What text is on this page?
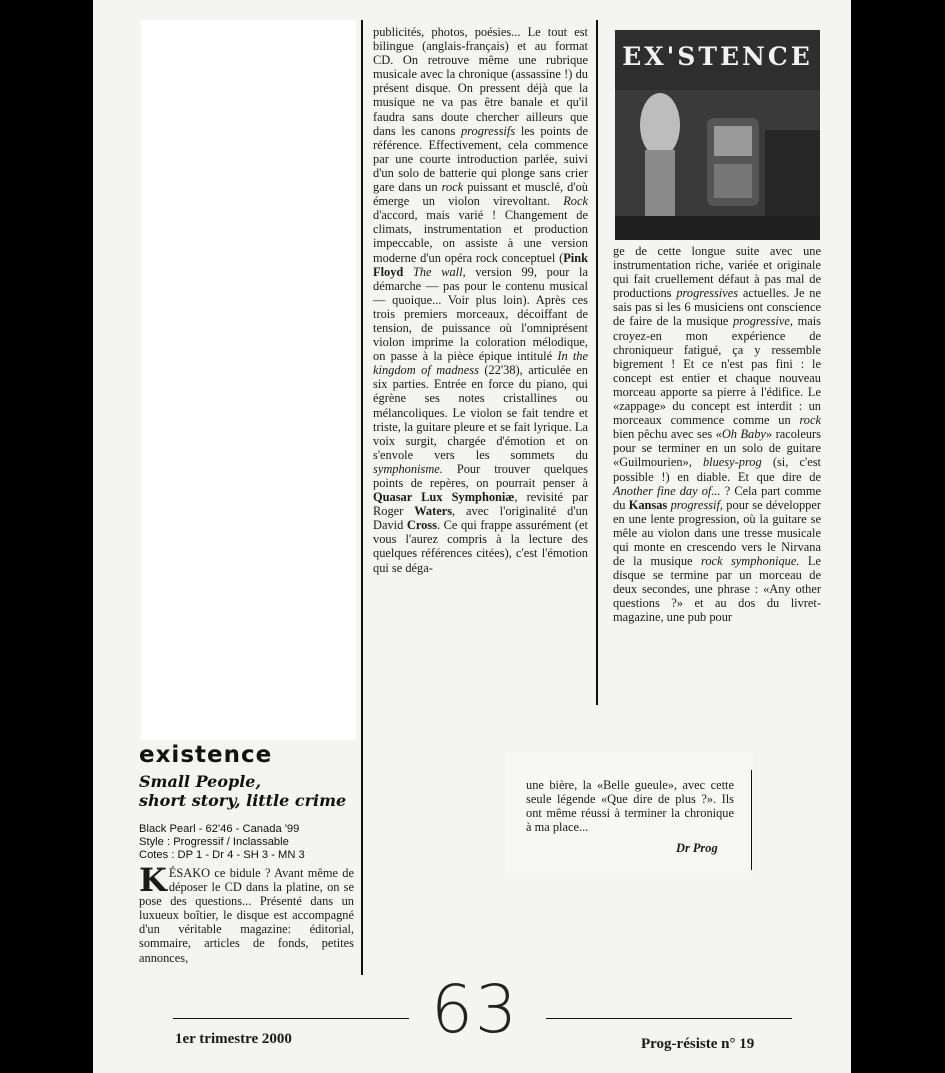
publicités, photos, poésies... Le tout est bilingue (anglais-français) et au format CD. On retrouve même une rubrique musicale avec la chronique (assassine !) du présent disque. On pressent déjà que la musique ne va pas être banale et qu'il faudra sans doute chercher ailleurs que dans les canons progressifs les points de référence. Effectivement, cela commence par une courte introduction parlée, suivi d'un solo de batterie qui plonge sans crier gare dans un rock puissant et musclé, d'où émerge un violon virevoltant. Rock d'accord, mais varié ! Changement de climats, instrumentation et production impeccable, on assiste à une version moderne d'un opéra rock conceptuel (Pink Floyd The wall, version 99, pour la démarche — pas pour le contenu musical — quoique... Voir plus loin). Après ces trois premiers morceaux, décoiffant de tension, de puissance où l'omniprésent violon imprime la coloration mélodique, on passe à la pièce épique intitulé In the kingdom of madness (22'38), articulée en six parties. Entrée en force du piano, qui égrène ses notes cristallines ou mélancoliques. Le violon se fait tendre et triste, la guitare pleure et se fait lyrique. La voix surgit, chargée d'émotion et on s'envole vers les sommets du symphonisme. Pour trouver quelques points de repères, on pourrait penser à Quasar Lux Symphoniæ, revisité par Roger Waters, avec l'originalité d'un David Cross. Ce qui frappe assurément (et vous l'aurez compris à la lecture des quelques références citées), c'est l'émotion qui se déga-

EX'STENCE

ge de cette longue suite avec une instrumentation riche, variée et originale qui fait cruellement défaut à pas mal de productions progressives actuelles. Je ne sais pas si les 6 musiciens ont conscience de faire de la musique progressive, mais croyez-en mon expérience de chroniqueur fatigué, ça y ressemble bigrement ! Et ce n'est pas fini : le concept est entier et chaque nouveau morceau apporte sa pierre à l'édifice. Le «zappage» du concept est interdit : un morceaux commence comme un rock bien pêchu avec ses «Oh Baby» racoleurs pour se terminer en un solo de guitare «Guilmourien», bluesy-prog (si, c'est possible !) en diable. Et que dire de Another fine day of... ? Cela part comme du Kansas progressif, pour se développer en une lente progression, où la guitare se mêle au violon dans une tresse musicale qui monte en crescendo vers le Nirvana de la musique rock symphonique. Le disque se termine par un morceau de deux secondes, une phrase : «Any other questions ?» et au dos du livret-magazine, une pub pour

existence
Small People,
short story, little crime
Black Pearl - 62'46 - Canada '99
Style : Progressif / Inclassable
Cotes : DP 1 - Dr 4 - SH 3 - MN 3
KÉSAKO ce bidule ? Avant même de déposer le CD dans la platine, on se pose des questions... Présenté dans un luxueux boîtier, le disque est accompagné d'un véritable magazine: éditorial, sommaire, articles de fonds, petites annonces,
une bière, la «Belle gueule», avec cette seule légende «Que dire de plus ?». Ils ont même réussi à terminer la chronique à ma place...
Dr Prog
63
1er trimestre 2000	Prog-résiste n° 19
